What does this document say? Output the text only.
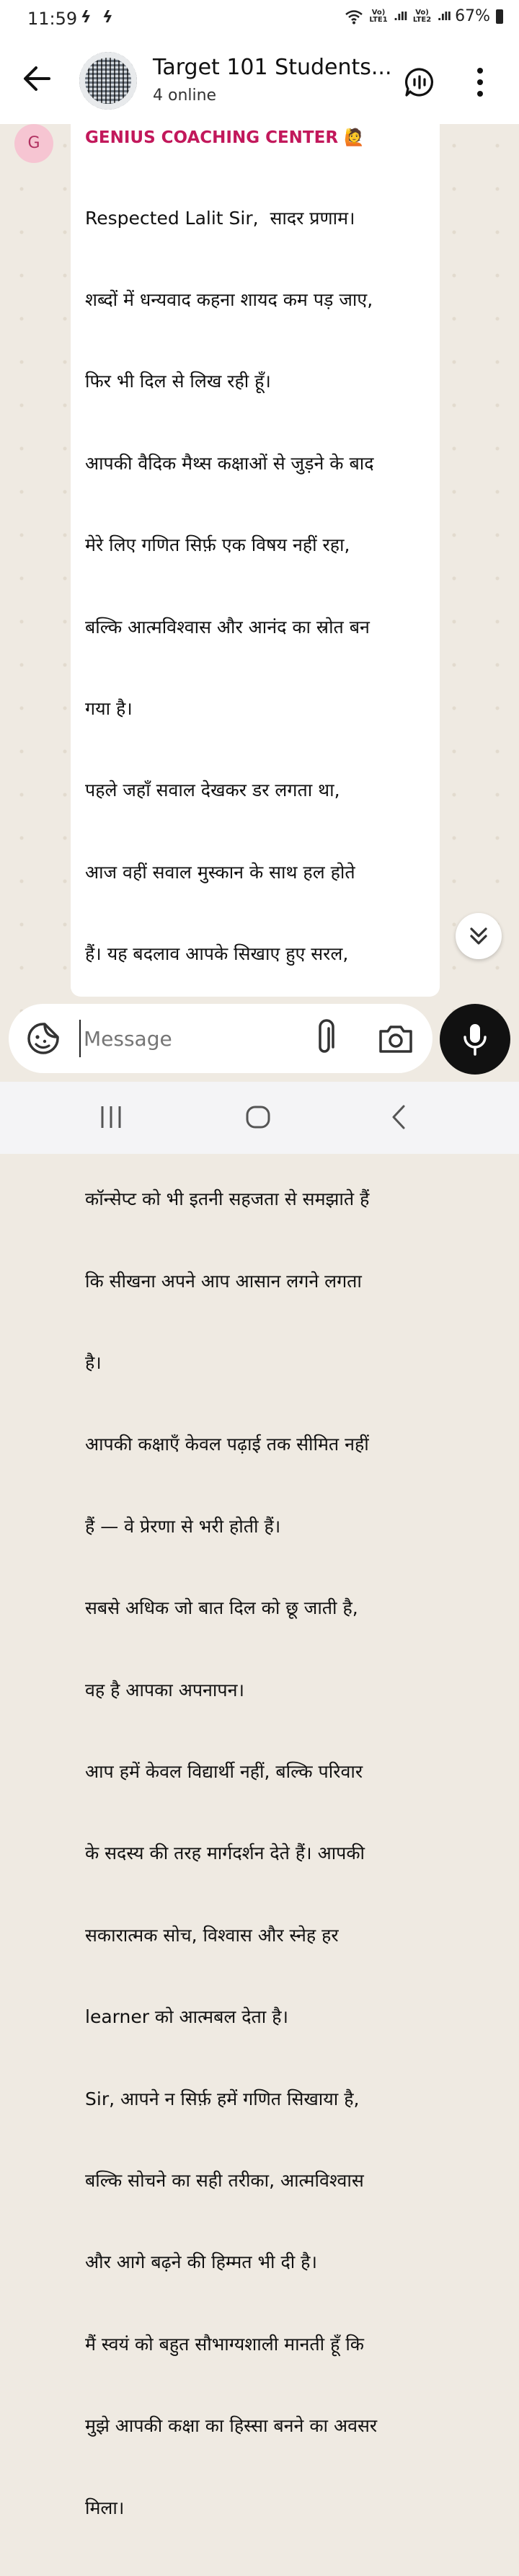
11:59 ϟ ϟ	Vo) LTE1 .ıll	Vo) LTE2 .ıll 67%
Target 101 Students...
4 online
G	GENIUS COACHING CENTER 🙋

Respected Lalit Sir,  सादर प्रणाम।

शब्दों में धन्यवाद कहना शायद कम पड़ जाए,

फिर भी दिल से लिख रही हूँ।

आपकी वैदिक मैथ्स कक्षाओं से जुड़ने के बाद

मेरे लिए गणित सिर्फ़ एक विषय नहीं रहा,

बल्कि आत्मविश्वास और आनंद का स्रोत बन

गया है।

पहले जहाँ सवाल देखकर डर लगता था,

आज वहीं सवाल मुस्कान के साथ हल होते

हैं। यह बदलाव आपके सिखाए हुए सरल,

कॉन्सेप्ट को भी इतनी सहजता से समझाते हैं

कि सीखना अपने आप आसान लगने लगता

है।

आपकी कक्षाएँ केवल पढ़ाई तक सीमित नहीं

हैं — वे प्रेरणा से भरी होती हैं।

सबसे अधिक जो बात दिल को छू जाती है,

वह है आपका अपनापन।

आप हमें केवल विद्यार्थी नहीं, बल्कि परिवार

के सदस्य की तरह मार्गदर्शन देते हैं। आपकी

सकारात्मक सोच, विश्वास और स्नेह हर

learner को आत्मबल देता है।

Sir, आपने न सिर्फ़ हमें गणित सिखाया है,

बल्कि सोचने का सही तरीका, आत्मविश्वास

और आगे बढ़ने की हिम्मत भी दी है।

मैं स्वयं को बहुत सौभाग्यशाली मानती हूँ कि

मुझे आपकी कक्षा का हिस्सा बनने का अवसर

मिला।

Message
